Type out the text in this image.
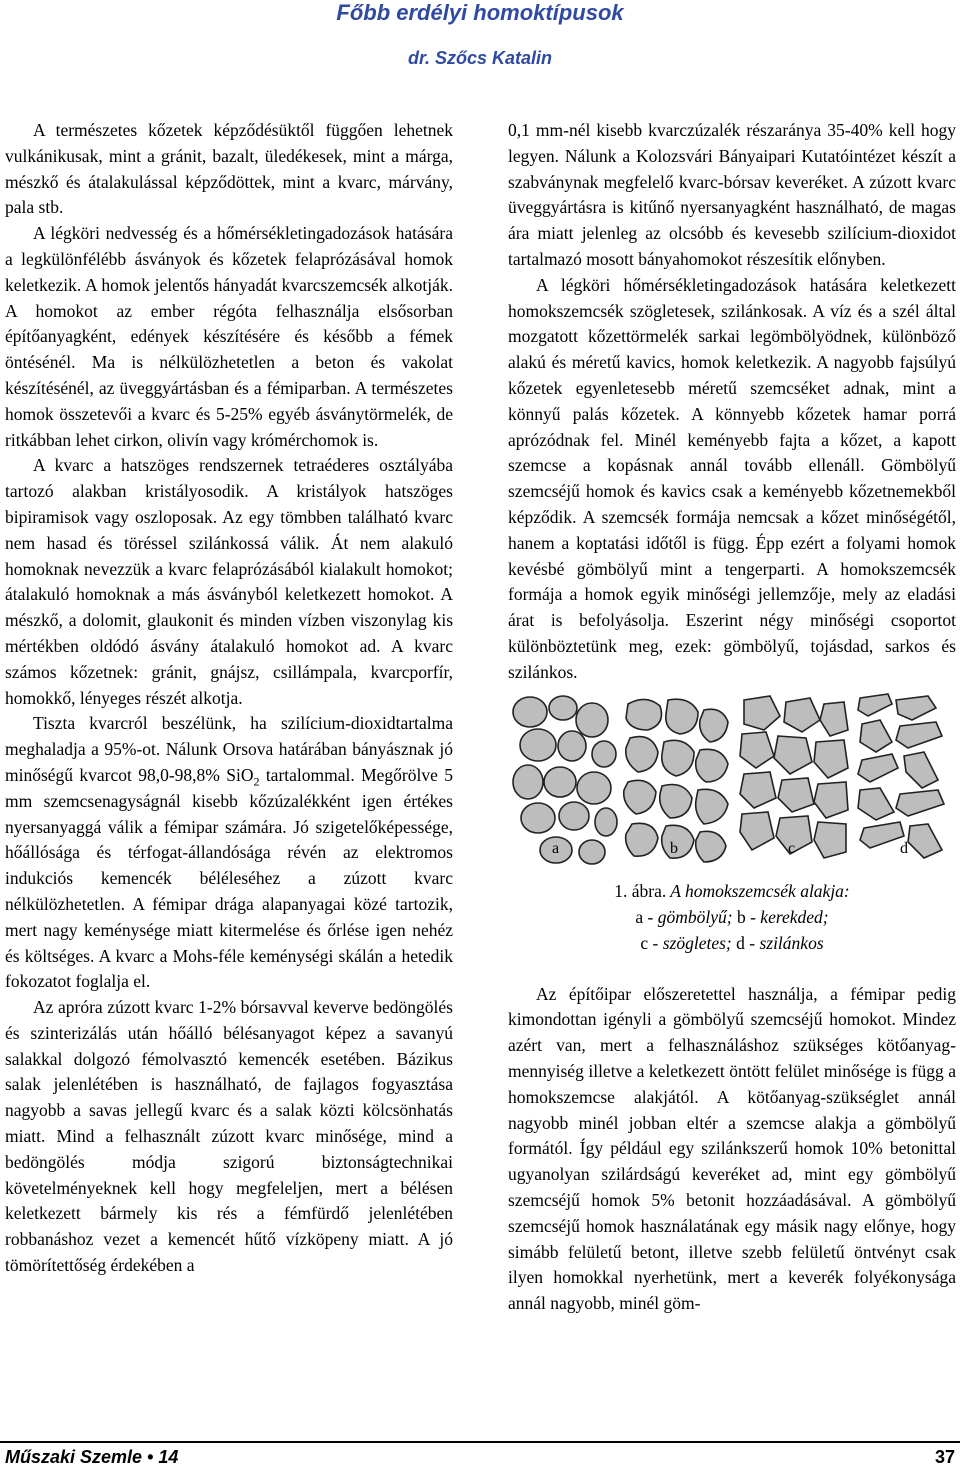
Főbb erdélyi homoktípusok
dr. Szőcs Katalin

A természetes kőzetek képződésüktől függően lehetnek vulkánikusak, mint a gránit, bazalt, üledékesek, mint a márga, mészkő és átalakulással képződöttek, mint a kvarc, márvány, pala stb.

A légköri nedvesség és a hőmérsékletingadozások hatására a legkülönfélébb ásványok és kőzetek felaprózásával homok keletkezik. A homok jelentős hányadát kvarcszemcsék alkotják. A homokot az ember régóta felhasználja elsősorban építőanyagként, edények készítésére és később a fémek öntésénél. Ma is nélkülözhetetlen a beton és vakolat készítésénél, az üveggyártásban és a fémiparban. A természetes homok összetevői a kvarc és 5-25% egyéb ásványtörmelék, de ritkábban lehet cirkon, olivín vagy krómérchomok is.

A kvarc a hatszöges rendszernek tetraéderes osztályába tartozó alakban kristályosodik. A kristályok hatszöges bipiramisok vagy oszloposak. Az egy tömbben található kvarc nem hasad és töréssel szilánkossá válik. Át nem alakuló homoknak nevezzük a kvarc felaprózásából kialakult homokot; átalakuló homoknak a más ásványból keletkezett homokot. A mészkő, a dolomit, glaukonit és minden vízben viszonylag kis mértékben oldódó ásvány átalakuló homokot ad. A kvarc számos kőzetnek: gránit, gnájsz, csillámpala, kvarcporfír, homokkő, lényeges részét alkotja.

Tiszta kvarcról beszélünk, ha szilícium-dioxidtartalma meghaladja a 95%-ot. Nálunk Orsova határában bányásznak jó minőségű kvarcot 98,0-98,8% SiO$_2$ tartalommal. Megőrölve 5 mm szemcsenagyságnál kisebb kőzúzalékként igen értékes nyersanyaggá válik a fémipar számára. Jó szigetelőképessége, hőállósága és térfogat-állandósága révén az elektromos indukciós kemencék béléleséhez a zúzott kvarc nélkülözhetetlen. A fémipar drága alapanyagai közé tartozik, mert nagy keménysége miatt kitermelése és őrlése igen nehéz és költséges. A kvarc a Mohs-féle keménységi skálán a hetedik fokozatot foglalja el.

Az apróra zúzott kvarc 1-2% bórsavval keverve bedöngölés és szinterizálás után hőálló bélésanyagot képez a savanyú salakkal dolgozó fémolvasztó kemencék esetében. Bázikus salak jelenlétében is használható, de fajlagos fogyasztása nagyobb a savas jellegű kvarc és a salak közti kölcsönhatás miatt. Mind a felhasznált zúzott kvarc minősége, mind a bedöngölés módja szigorú biztonságtechnikai követelményeknek kell hogy megfeleljen, mert a bélésen keletkezett bármely kis rés a fémfürdő jelenlétében robbanáshoz vezet a kemencét hűtő vízköpeny miatt. A jó tömörítettőség érdekében a

0,1 mm-nél kisebb kvarczúzalék részaránya 35-40% kell hogy legyen. Nálunk a Kolozsvári Bányaipari Kutatóintézet készít a szabványnak megfelelő kvarc-bórsav keveréket. A zúzott kvarc üveggyártásra is kitűnő nyersanyagként használható, de magas ára miatt jelenleg az olcsóbb és kevesebb szilícium-dioxidot tartalmazó mosott bányahomokot részesítik előnyben.

A légköri hőmérsékletingadozások hatására keletkezett homokszemcsék szögletesek, szilánkosak. A víz és a szél által mozgatott kőzettörmelék sarkai legömbölyödnek, különböző alakú és méretű kavics, homok keletkezik. A nagyobb fajsúlyú kőzetek egyenletesebb méretű szemcséket adnak, mint a könnyű palás kőzetek. A könnyebb kőzetek hamar porrá aprózódnak fel. Minél keményebb fajta a kőzet, a kapott szemcse a kopásnak annál tovább ellenáll. Gömbölyű szemcséjű homok és kavics csak a keményebb kőzetnemekből képződik. A szemcsék formája nemcsak a kőzet minőségétől, hanem a koptatási időtől is függ. Épp ezért a folyami homok kevésbé gömbölyű mint a tengerparti. A homokszemcsék formája a homok egyik minőségi jellemzője, mely az eladási árat is befolyásolja. Eszerint négy minőségi csoportot különböztetünk meg, ezek: gömbölyű, tojásdad, sarkos és szilánkos.

a	b	c	d
1. ábra. A homokszemcsék alakja:
a - gömbölyű; b - kerekded;
c - szögletes; d - szilánkos

Az építőipar előszeretettel használja, a fémipar pedig kimondottan igényli a gömbölyű szemcséjű homokot. Mindez azért van, mert a felhasználáshoz szükséges kötőanyag-mennyiség illetve a keletkezett öntött felület minősége is függ a homokszemcse alakjától. A kötőanyag-szükséglet annál nagyobb minél jobban eltér a szemcse alakja a gömbölyű formától. Így például egy szilánkszerű homok 10% betonittal ugyanolyan szilárdságú keveréket ad, mint egy gömbölyű szemcséjű homok 5% betonit hozzáadásával. A gömbölyű szemcséjű homok használatának egy másik nagy előnye, hogy simább felületű betont, illetve szebb felületű öntvényt csak ilyen homokkal nyerhetünk, mert a keverék folyékonysága annál nagyobb, minél göm-

Műszaki Szemle • 14	37
